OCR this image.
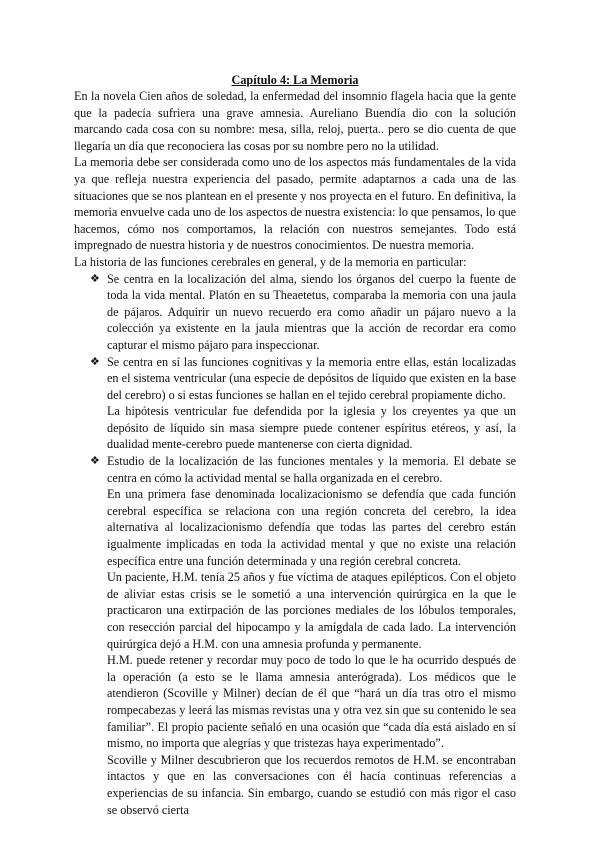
Capítulo 4: La Memoria

En la novela Cien años de soledad, la enfermedad del insomnio flagela hacia que la gente que la padecía sufriera una grave amnesia. Aureliano Buendía dio con la solución marcando cada cosa con su nombre: mesa, silla, reloj, puerta.. pero se dio cuenta de que llegaría un día que reconociera las cosas por su nombre pero no la utilidad.

La memoria debe ser considerada como uno de los aspectos más fundamentales de la vida ya que refleja nuestra experiencia del pasado, permite adaptarnos a cada una de las situaciones que se nos plantean en el presente y nos proyecta en el futuro. En definitiva, la memoria envuelve cada uno de los aspectos de nuestra existencia: lo que pensamos, lo que hacemos, cómo nos comportamos, la relación con nuestros semejantes. Todo está impregnado de nuestra historia y de nuestros conocimientos. De nuestra memoria.

La historia de las funciones cerebrales en general, y de la memoria en particular:

❖ Se centra en la localización del alma, siendo los órganos del cuerpo la fuente de toda la vida mental. Platón en su Theaetetus, comparaba la memoria con una jaula de pájaros. Adquirir un nuevo recuerdo era como añadir un pájaro nuevo a la colección ya existente en la jaula mientras que la acción de recordar era como capturar el mismo pájaro para inspeccionar.

❖ Se centra en sí las funciones cognitivas y la memoria entre ellas, están localizadas en el sistema ventricular (una especie de depósitos de líquido que existen en la base del cerebro) o si estas funciones se hallan en el tejido cerebral propiamente dicho.

La hipótesis ventricular fue defendida por la iglesia y los creyentes ya que un depósito de líquido sin masa siempre puede contener espíritus etéreos, y así, la dualidad mente-cerebro puede mantenerse con cierta dignidad.

❖ Estudio de la localización de las funciones mentales y la memoria. El debate se centra en cómo la actividad mental se halla organizada en el cerebro.

En una primera fase denominada localizacionismo se defendía que cada función cerebral específica se relaciona con una región concreta del cerebro, la idea alternativa al localizacionismo defendía que todas las partes del cerebro están igualmente implicadas en toda la actividad mental y que no existe una relación específica entre una función determinada y una región cerebral concreta.

Un paciente, H.M. tenía 25 años y fue víctima de ataques epilépticos. Con el objeto de aliviar estas crisis se le sometió a una intervención quirúrgica en la que le practicaron una extirpación de las porciones mediales de los lóbulos temporales, con resección parcial del hipocampo y la amígdala de cada lado. La intervención quirúrgica dejó a H.M. con una amnesia profunda y permanente.

H.M. puede retener y recordar muy poco de todo lo que le ha ocurrido después de la operación (a esto se le llama amnesia anterógrada). Los médicos que le atendieron (Scoville y Milner) decían de él que “hará un día tras otro el mismo rompecabezas y leerá las mismas revistas una y otra vez sin que su contenido le sea familiar”. El propio paciente señaló en una ocasión que “cada día está aislado en sí mismo, no importa que alegrías y que tristezas haya experimentado”.

Scoville y Milner descubrieron que los recuerdos remotos de H.M. se encontraban intactos y que en las conversaciones con él hacía continuas referencias a experiencias de su infancia. Sin embargo, cuando se estudió con más rigor el caso se observó cierta
